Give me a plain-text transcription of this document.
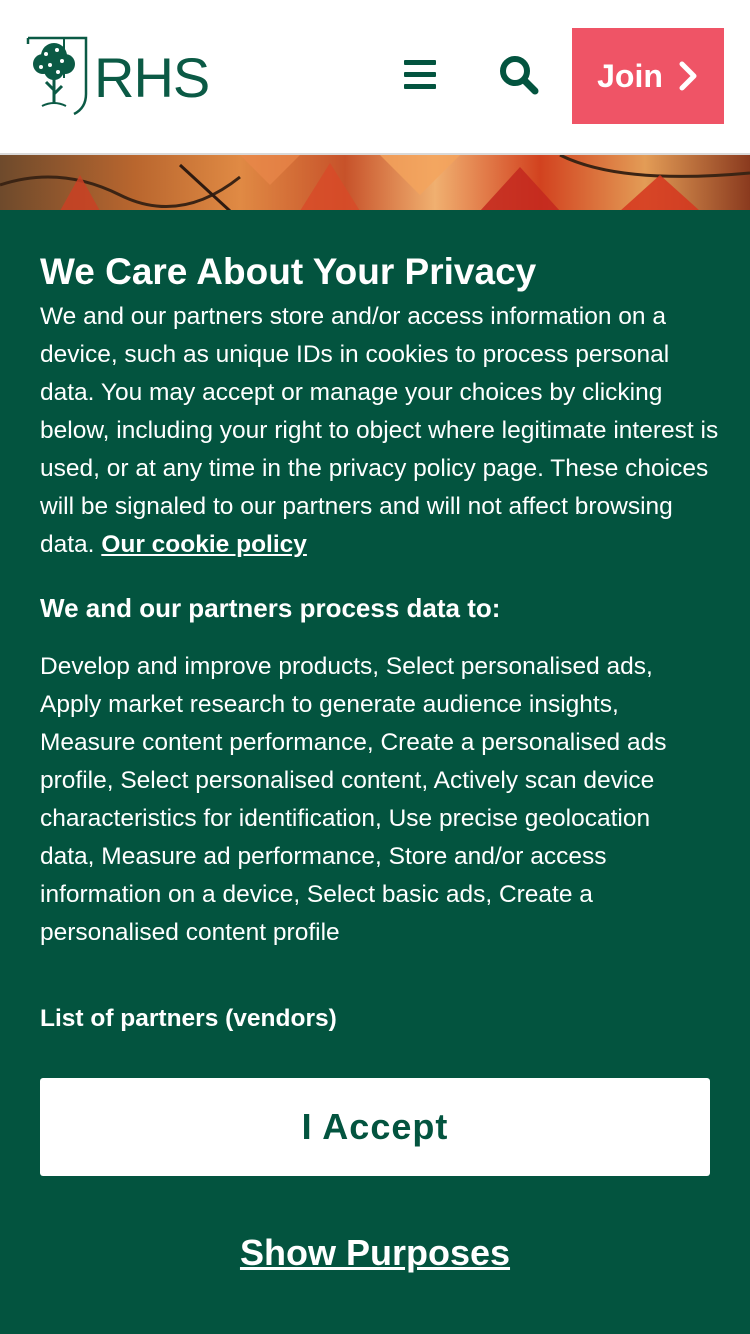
RHS	Join
We Care About Your Privacy

We and our partners store and/or access information on a device, such as unique IDs in cookies to process personal data. You may accept or manage your choices by clicking below, including your right to object where legitimate interest is used, or at any time in the privacy policy page. These choices will be signaled to our partners and will not affect browsing data. Our cookie policy

We and our partners process data to:

Develop and improve products, Select personalised ads, Apply market research to generate audience insights, Measure content performance, Create a personalised ads profile, Select personalised content, Actively scan device characteristics for identification, Use precise geolocation data, Measure ad performance, Store and/or access information on a device, Select basic ads, Create a personalised content profile

List of partners (vendors)
I Accept
Show Purposes
